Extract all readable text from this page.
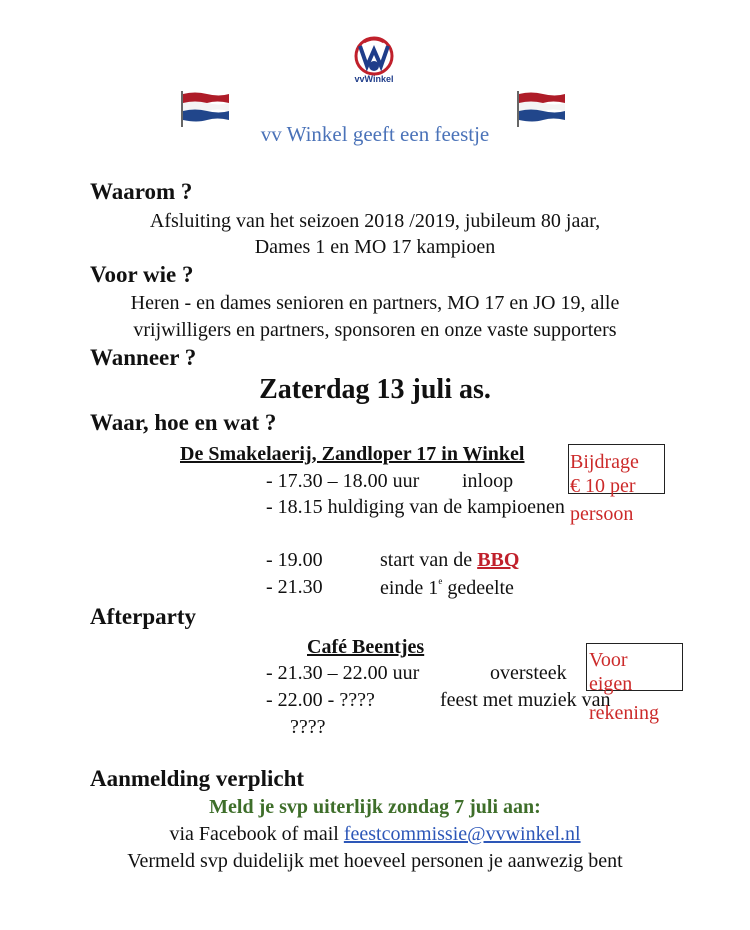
vvWinkel
vv Winkel geeft een feestje
Waarom ?
Afsluiting van het seizoen 2018 /2019, jubileum 80 jaar,
Dames 1 en MO 17 kampioen
Voor wie ?
Heren - en dames senioren en partners, MO 17 en JO 19, alle
vrijwilligers en partners, sponsoren en onze vaste supporters
Wanneer ?
Zaterdag 13 juli as.
Waar, hoe en wat ?
De Smakelaerij, Zandloper 17 in Winkel
- 17.30 – 18.00 uur inloop
- 18.15 huldiging van de kampioenen
- 19.00	start van de BBQ
- 21.30	einde 1e gedeelte
Bijdrage
€ 10 per
persoon
Afterparty
Café Beentjes
- 21.30 – 22.00 uur	oversteek
- 22.00 - ????	feest met muziek van
????
Voor
eigen
rekening
Aanmelding verplicht
Meld je svp uiterlijk zondag 7 juli aan:
via Facebook of mail feestcommissie@vvwinkel.nl
Vermeld svp duidelijk met hoeveel personen je aanwezig bent
